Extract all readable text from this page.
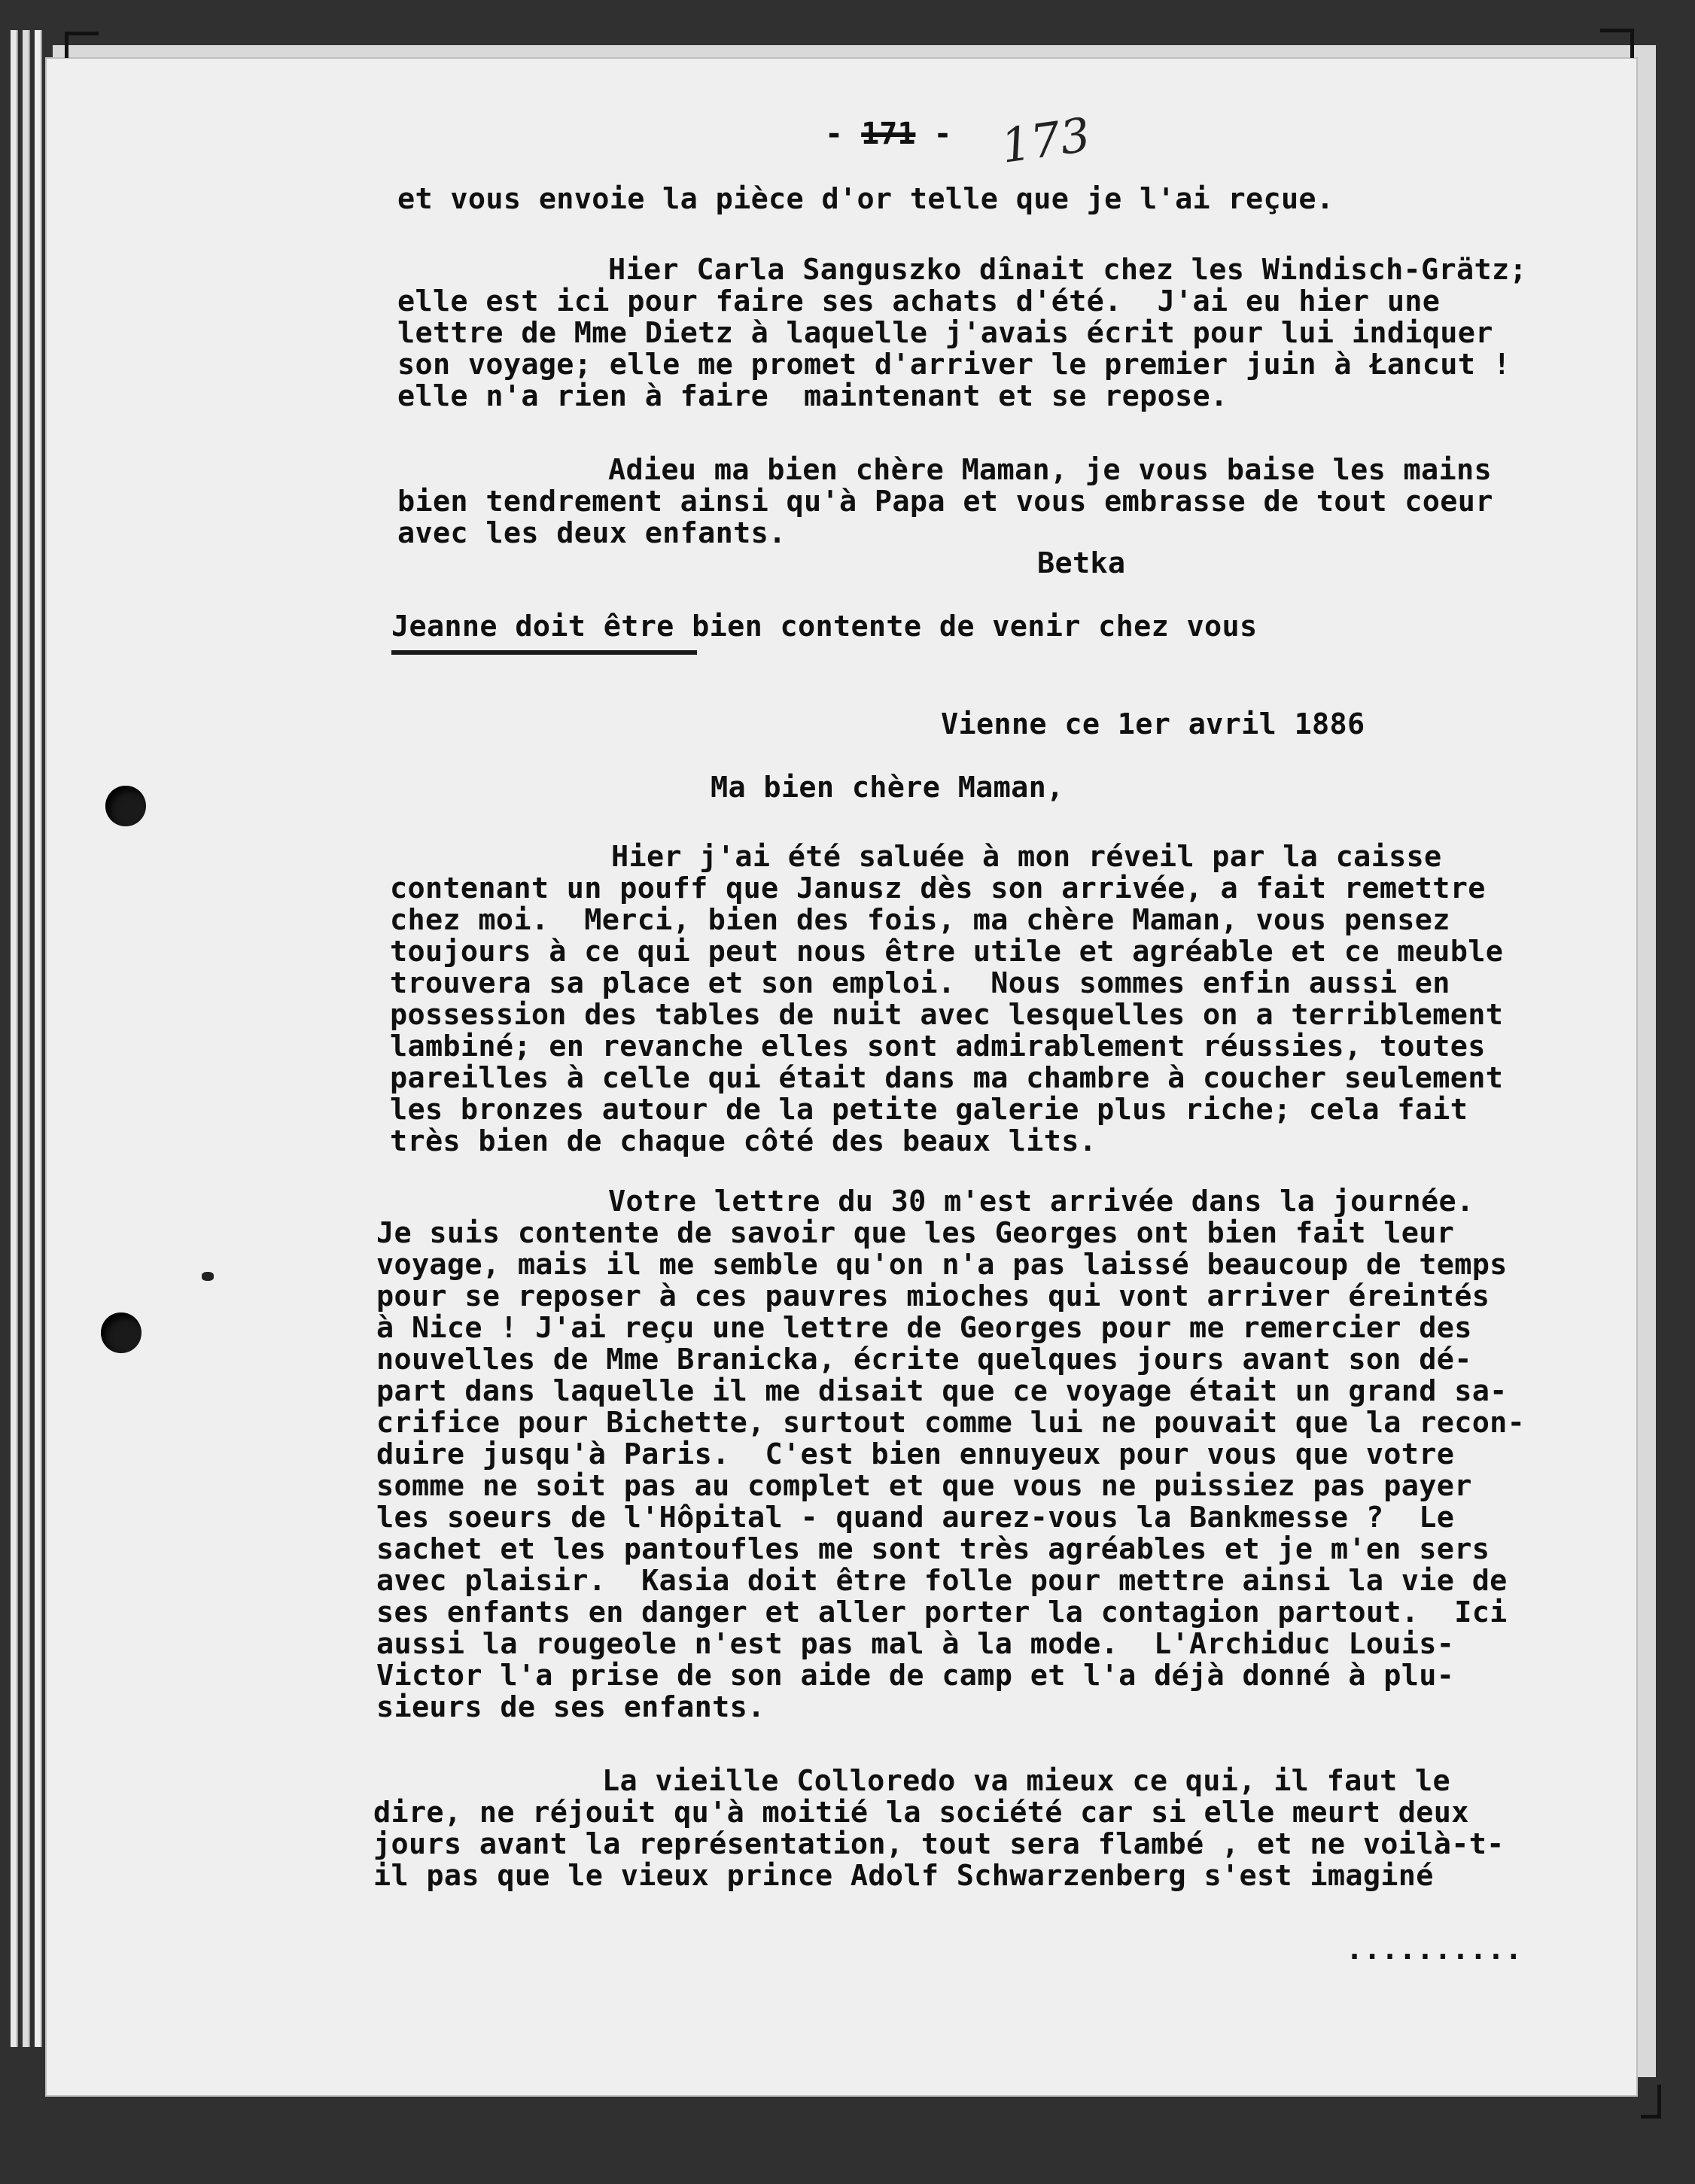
- 171 - 173
et vous envoie la pièce d'or telle que je l'ai reçue.
Hier Carla Sanguszko dînait chez les Windisch-Grätz;
elle est ici pour faire ses achats d'été.  J'ai eu hier une
lettre de Mme Dietz à laquelle j'avais écrit pour lui indiquer
son voyage; elle me promet d'arriver le premier juin à Łancut !
elle n'a rien à faire  maintenant et se repose.
Adieu ma bien chère Maman, je vous baise les mains
bien tendrement ainsi qu'à Papa et vous embrasse de tout coeur
avec les deux enfants.
Betka
Jeanne doit être bien contente de venir chez vous
Vienne ce 1er avril 1886
Ma bien chère Maman,
Hier j'ai été saluée à mon réveil par la caisse
contenant un pouff que Janusz dès son arrivée, a fait remettre
chez moi.  Merci, bien des fois, ma chère Maman, vous pensez
toujours à ce qui peut nous être utile et agréable et ce meuble
trouvera sa place et son emploi.  Nous sommes enfin aussi en
possession des tables de nuit avec lesquelles on a terriblement
lambiné; en revanche elles sont admirablement réussies, toutes
pareilles à celle qui était dans ma chambre à coucher seulement
les bronzes autour de la petite galerie plus riche; cela fait
très bien de chaque côté des beaux lits.
Votre lettre du 30 m'est arrivée dans la journée.
Je suis contente de savoir que les Georges ont bien fait leur
voyage, mais il me semble qu'on n'a pas laissé beaucoup de temps
pour se reposer à ces pauvres mioches qui vont arriver éreintés
à Nice ! J'ai reçu une lettre de Georges pour me remercier des
nouvelles de Mme Branicka, écrite quelques jours avant son dé-
part dans laquelle il me disait que ce voyage était un grand sa-
crifice pour Bichette, surtout comme lui ne pouvait que la recon-
duire jusqu'à Paris.  C'est bien ennuyeux pour vous que votre
somme ne soit pas au complet et que vous ne puissiez pas payer
les soeurs de l'Hôpital - quand aurez-vous la Bankmesse ?  Le
sachet et les pantoufles me sont très agréables et je m'en sers
avec plaisir.  Kasia doit être folle pour mettre ainsi la vie de
ses enfants en danger et aller porter la contagion partout.  Ici
aussi la rougeole n'est pas mal à la mode.  L'Archiduc Louis-
Victor l'a prise de son aide de camp et l'a déjà donné à plu-
sieurs de ses enfants.
La vieille Colloredo va mieux ce qui, il faut le
dire, ne réjouit qu'à moitié la société car si elle meurt deux
jours avant la représentation, tout sera flambé , et ne voilà-t-
il pas que le vieux prince Adolf Schwarzenberg s'est imaginé
..........
